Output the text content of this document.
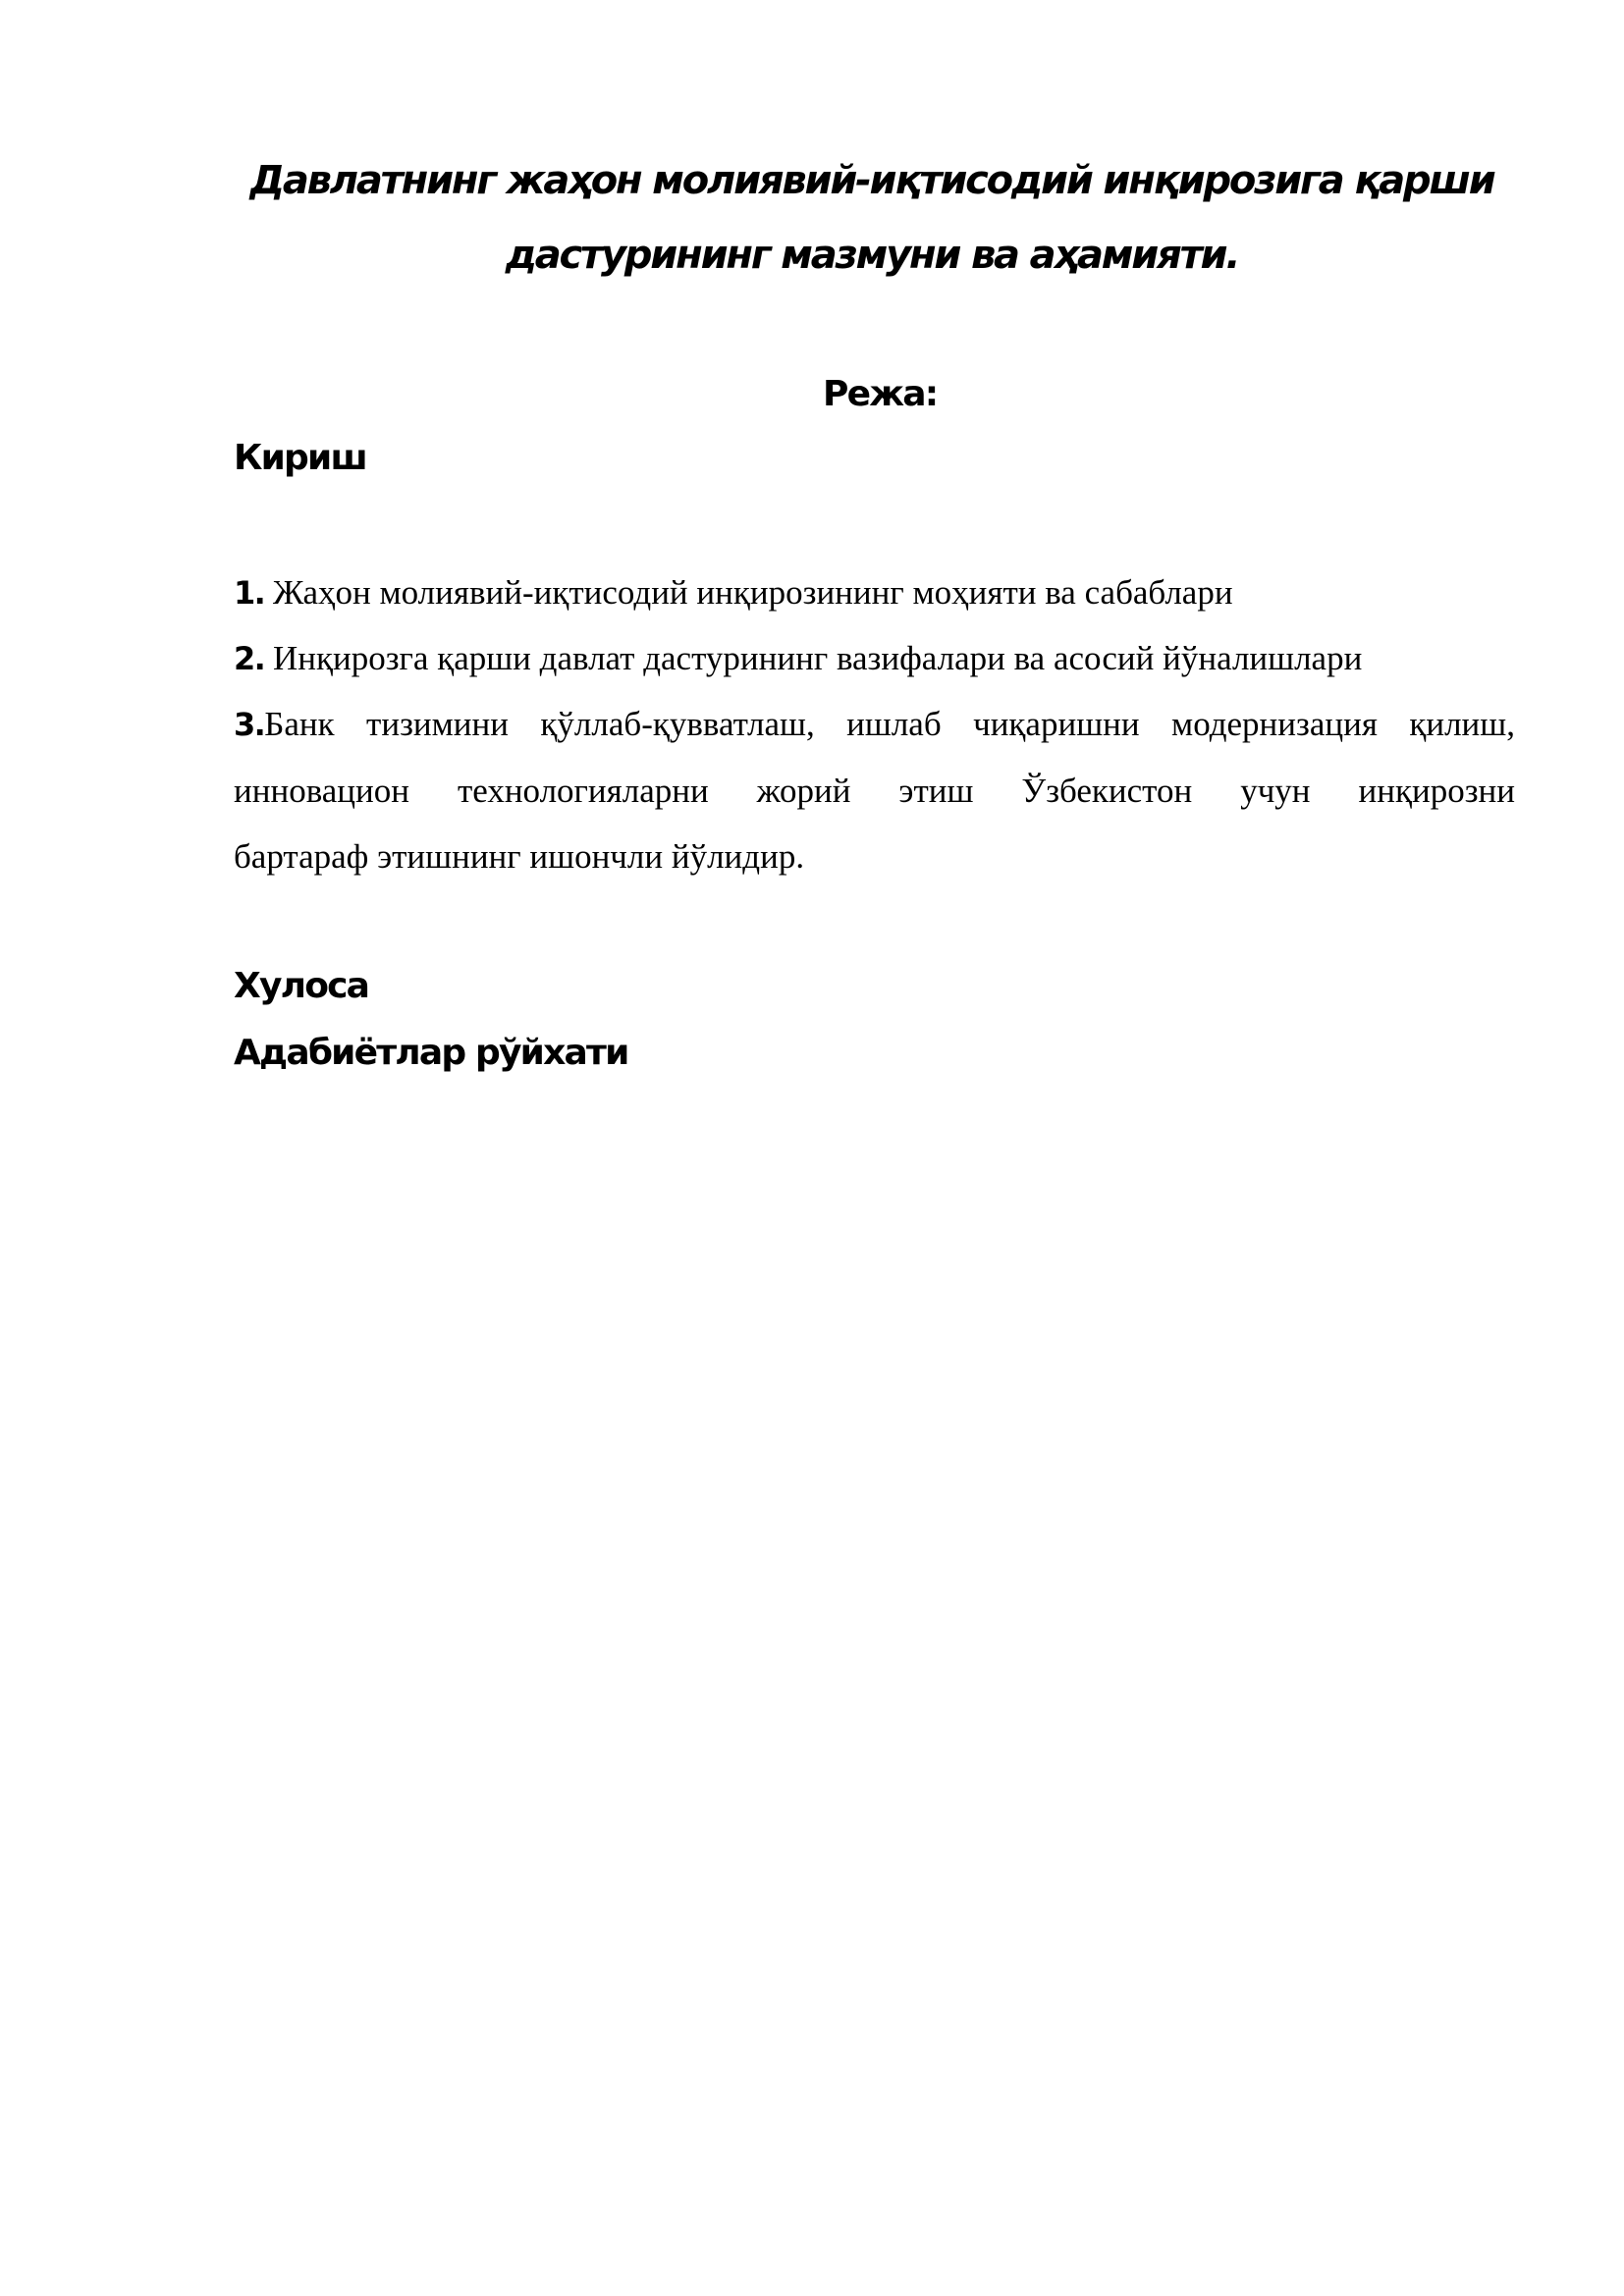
Давлатнинг жаҳон молиявий-иқтисодий инқирозига қарши
дастурининг мазмуни ва аҳамияти.

Режа:

Кириш

1. Жаҳон молиявий-иқтисодий инқирозининг моҳияти ва сабаблари

2. Инқирозга қарши давлат дастурининг вазифалари ва асосий йўналишлари

3.Банк тизимини қўллаб-қувватлаш, ишлаб чиқаришни модернизация қилиш,
инновацион технологияларни жорий этиш Ўзбекистон учун инқирозни
бартараф этишнинг ишончли йўлидир.

Хулоса

Адабиётлар рўйхати
